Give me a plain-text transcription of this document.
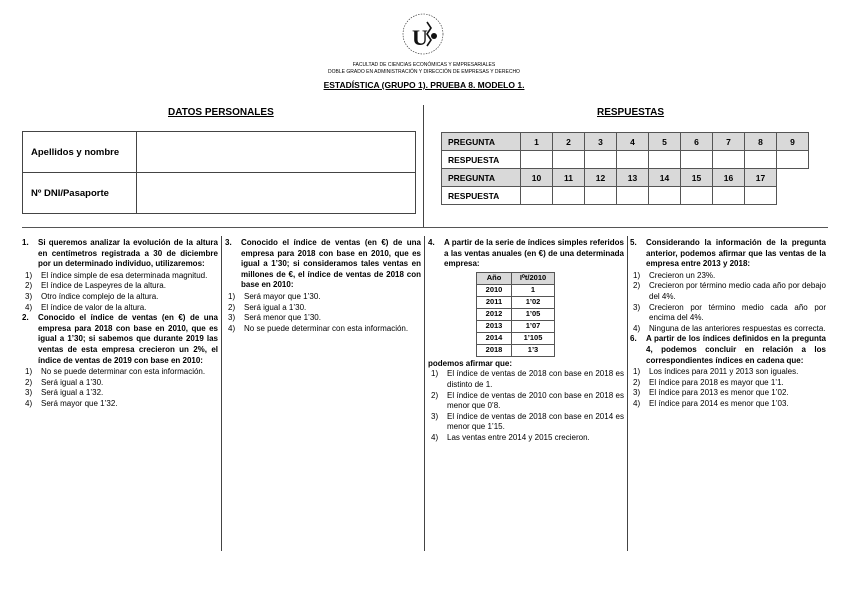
U
FACULTAD DE CIENCIAS ECONÓMICAS Y EMPRESARIALES
DOBLE GRADO EN ADMINISTRACIÓN Y DIRECCIÓN DE EMPRESAS Y DERECHO
ESTADÍSTICA (GRUPO 1). PRUEBA 8. MODELO 1.
DATOS PERSONALES	RESPUESTAS
Apellidos y nombre	
Nº DNI/Pasaporte	
PREGUNTA	1	2	3	4	5	6	7	8	9
RESPUESTA									
PREGUNTA	10	11	12	13	14	15	16	17	
RESPUESTA									
1. Si queremos analizar la evolución de la altura en centímetros registrada a 30 de diciembre por un determinado individuo, utilizaremos:
1) El índice simple de esa determinada magnitud.
2) El índice de Laspeyres de la altura.
3) Otro índice complejo de la altura.
4) El índice de valor de la altura.
2. Conocido el índice de ventas (en €) de una empresa para 2018 con base en 2010, que es igual a 1’30; si sabemos que durante 2019 las ventas de esta empresa crecieron un 2%, el índice de ventas de 2019 con base en 2010:
1) No se puede determinar con esta información.
2) Será igual a 1’30.
3) Será igual a 1’32.
4) Será mayor que 1’32.
3. Conocido el índice de ventas (en €) de una empresa para 2018 con base en 2010, que es igual a 1’30; si consideramos tales ventas en millones de €, el índice de ventas de 2018 con base en 2010:
1) Será mayor que 1’30.
2) Será igual a 1’30.
3) Será menor que 1’30.
4) No se puede determinar con esta información.
4. A partir de la serie de índices simples referidos a las ventas anuales (en €) de una determinada empresa:
Año	I⁰t/2010
2010	1
2011	1’02
2012	1’05
2013	1’07
2014	1’105
2018	1’3
podemos afirmar que:
1) El índice de ventas de 2018 con base en 2018 es distinto de 1.
2) El índice de ventas de 2010 con base en 2018 es menor que 0’8.
3) El índice de ventas de 2018 con base en 2014 es menor que 1’15.
4) Las ventas entre 2014 y 2015 crecieron.
5. Considerando la información de la pregunta anterior, podemos afirmar que las ventas de la empresa entre 2013 y 2018:
1) Crecieron un 23%.
2) Crecieron por término medio cada año por debajo del 4%.
3) Crecieron por término medio cada año por encima del 4%.
4) Ninguna de las anteriores respuestas es correcta.
6. A partir de los índices definidos en la pregunta 4, podemos concluir en relación a los correspondientes índices en cadena que:
1) Los índices para 2011 y 2013 son iguales.
2) El índice para 2018 es mayor que 1’1.
3) El índice para 2013 es menor que 1’02.
4) El índice para 2014 es menor que 1’03.
